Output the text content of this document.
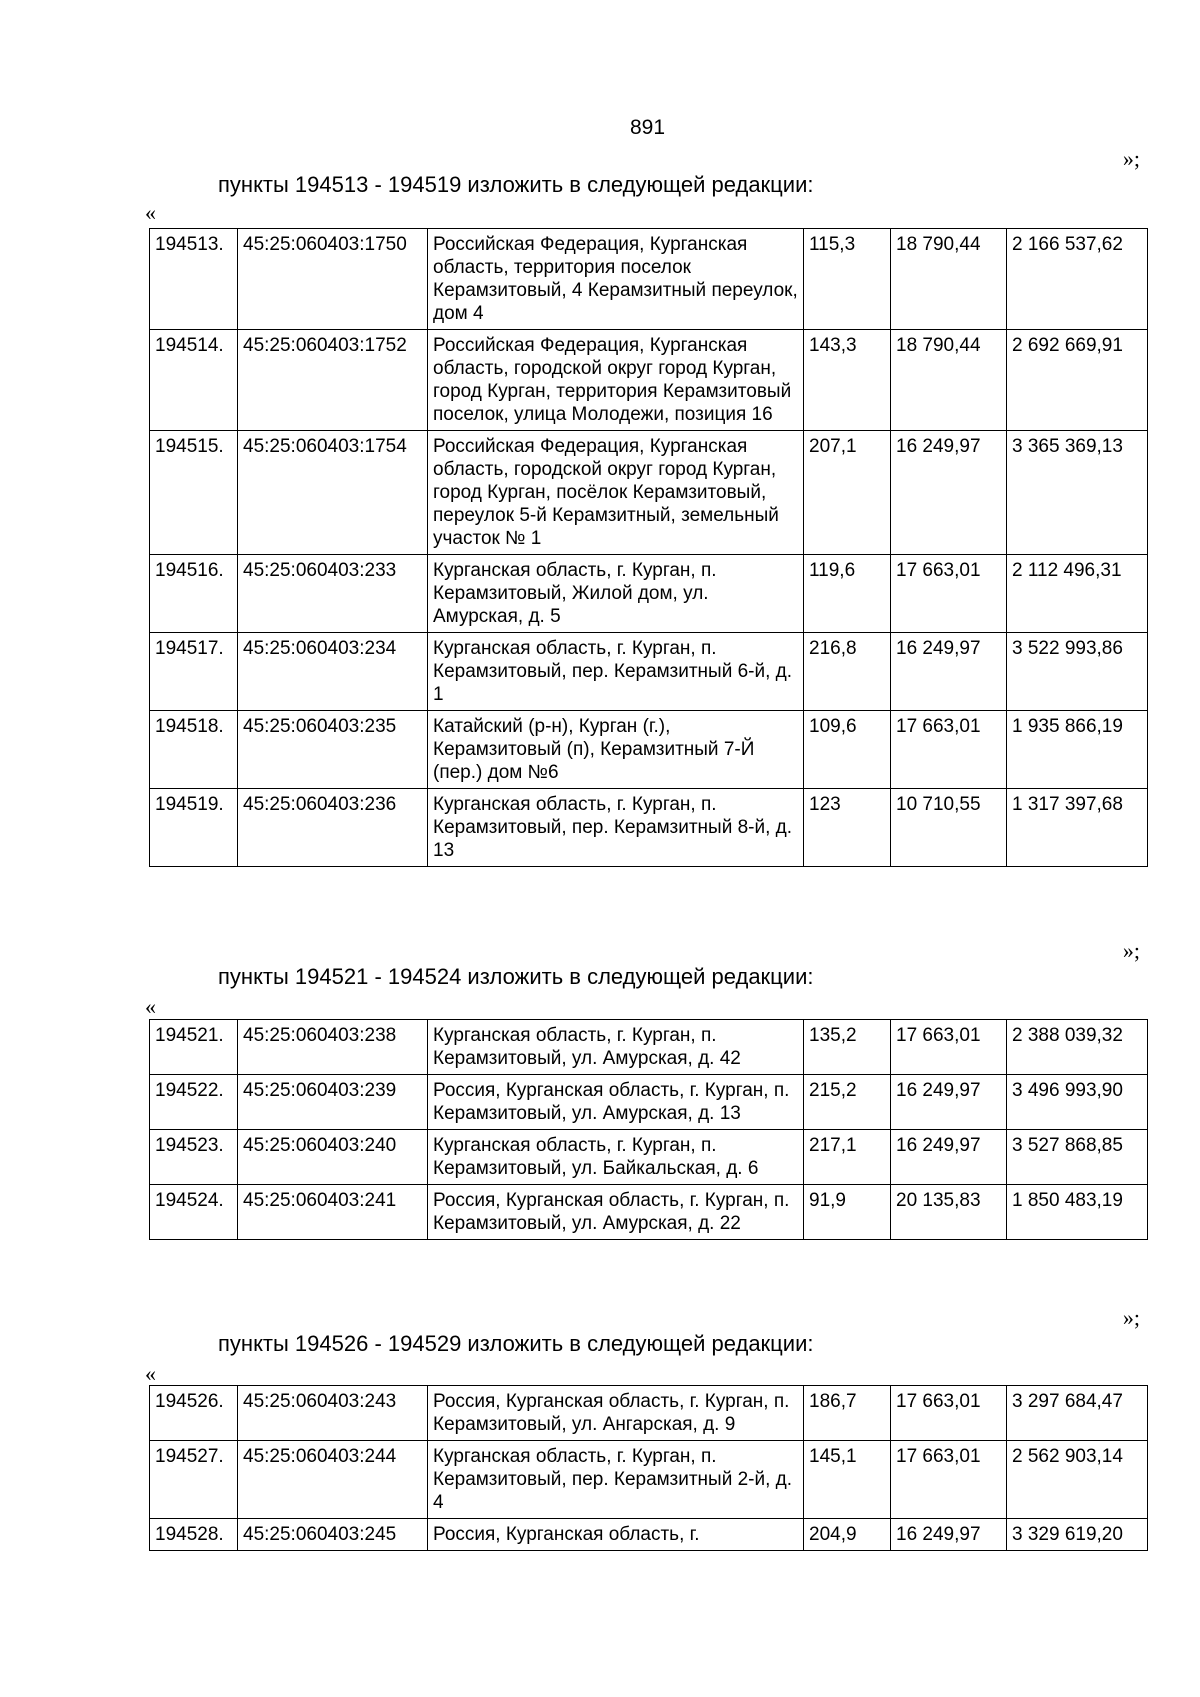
891
»;
пункты 194513 - 194519 изложить в следующей редакции:
«
194513.	45:25:060403:1750	Российская Федерация, Курганская область, территория поселок Керамзитовый, 4 Керамзитный переулок, дом 4	115,3	18 790,44	2 166 537,62
194514.	45:25:060403:1752	Российская Федерация, Курганская область, городской округ город Курган, город Курган, территория Керамзитовый поселок, улица Молодежи, позиция 16	143,3	18 790,44	2 692 669,91
194515.	45:25:060403:1754	Российская Федерация, Курганская область, городской округ город Курган, город Курган, посёлок Керамзитовый, переулок 5-й Керамзитный, земельный участок № 1	207,1	16 249,97	3 365 369,13
194516.	45:25:060403:233	Курганская область, г. Курган, п. Керамзитовый, Жилой дом, ул. Амурская, д. 5	119,6	17 663,01	2 112 496,31
194517.	45:25:060403:234	Курганская область, г. Курган, п. Керамзитовый, пер. Керамзитный 6-й, д. 1	216,8	16 249,97	3 522 993,86
194518.	45:25:060403:235	Катайский (р-н), Курган (г.), Керамзитовый (п), Керамзитный 7-Й (пер.) дом №6	109,6	17 663,01	1 935 866,19
194519.	45:25:060403:236	Курганская область, г. Курган, п. Керамзитовый, пер. Керамзитный 8-й, д. 13	123	10 710,55	1 317 397,68
»;
пункты 194521 - 194524 изложить в следующей редакции:
«
194521.	45:25:060403:238	Курганская область, г. Курган, п. Керамзитовый, ул. Амурская, д. 42	135,2	17 663,01	2 388 039,32
194522.	45:25:060403:239	Россия, Курганская область, г. Курган, п. Керамзитовый, ул. Амурская, д. 13	215,2	16 249,97	3 496 993,90
194523.	45:25:060403:240	Курганская область, г. Курган, п. Керамзитовый, ул. Байкальская, д. 6	217,1	16 249,97	3 527 868,85
194524.	45:25:060403:241	Россия, Курганская область, г. Курган, п. Керамзитовый, ул. Амурская, д. 22	91,9	20 135,83	1 850 483,19
»;
пункты 194526 - 194529 изложить в следующей редакции:
«
194526.	45:25:060403:243	Россия, Курганская область, г. Курган, п. Керамзитовый, ул. Ангарская, д. 9	186,7	17 663,01	3 297 684,47
194527.	45:25:060403:244	Курганская область, г. Курган, п. Керамзитовый, пер. Керамзитный 2-й, д. 4	145,1	17 663,01	2 562 903,14
194528.	45:25:060403:245	Россия, Курганская область, г.	204,9	16 249,97	3 329 619,20
